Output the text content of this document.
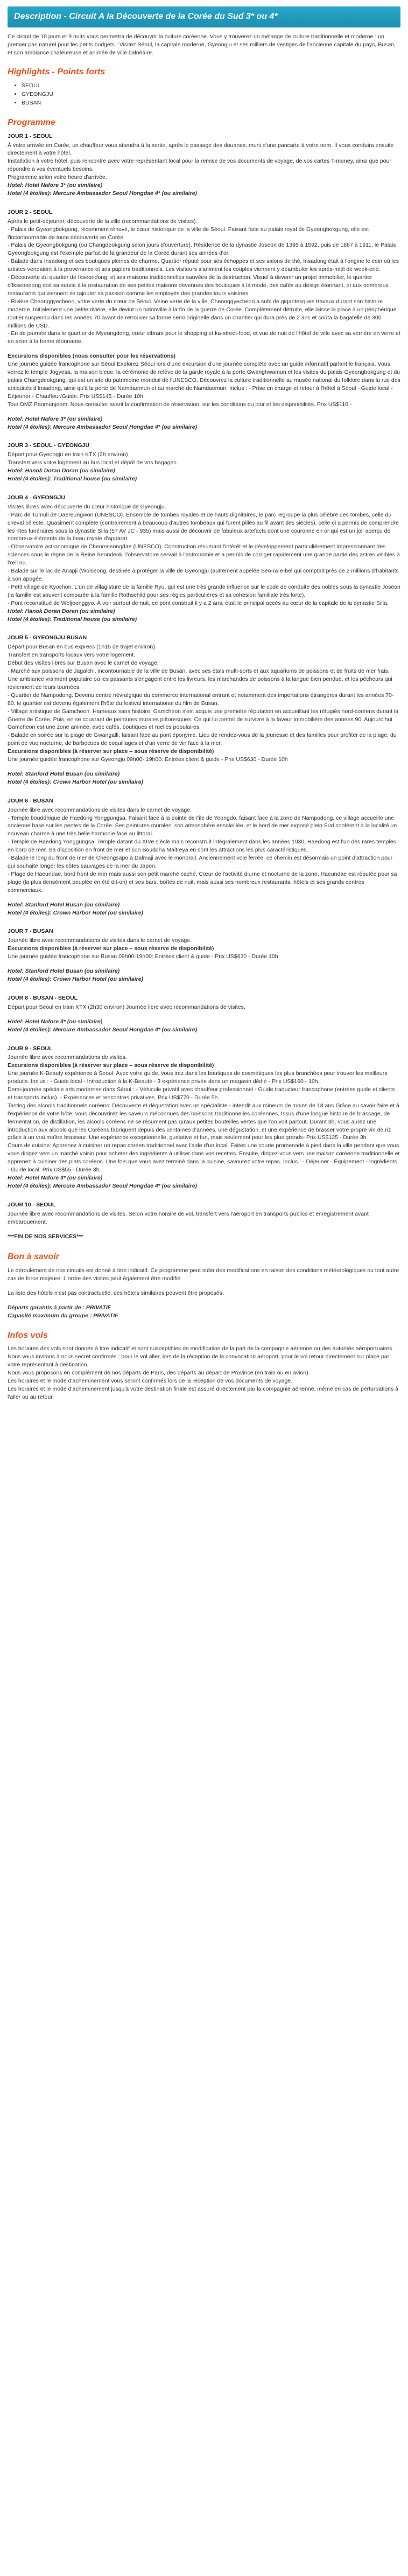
Description - Circuit A la Découverte de la Corée du Sud 3* ou 4*

Ce circuit de 10 jours et 9 nuits vous permettra de découvrir la culture coréenne. Vous y trouverez un mélange de culture traditionnelle et moderne : un premier pas naturel pour les petits budgets ! Visitez Séoul, la capitale moderne, Gyeongju et ses milliers de vestiges de l'ancienne capitale du pays, Busan, et son ambiance chaleureuse et animée de ville balnéaire.

Highlights - Points forts
• SEOUL
• GYEONGJU
• BUSAN
Programme
JOUR 1 - SEOUL

À votre arrivée en Corée, un chauffeur vous attendra à la sortie, après le passage des douanes, muni d'une pancarte à votre nom. Il vous conduira ensuite directement à votre hôtel.

Installation à votre hôtel, puis rencontre avec votre représentant local pour la remise de vos documents de voyage, de vos cartes T-money, ainsi que pour répondre à vos éventuels besoins.

Programme selon votre heure d'arrivée.

Hotel: Hotel Nafore 3* (ou similaire)

Hotel (4 étoiles): Mercure Ambassador Seoul Hongdae 4* (ou similaire)

JOUR 2 - SEOUL

Après le petit-déjeuner, découverte de la ville (recommandations de visites).

- Palais de Gyeongbokgung, récemment rénové, le cœur historique de la ville de Séoul. Faisant face au palais royal de Gyeongbokgung, elle est l'incontournable de toute découverte en Corée.

- Palais de Gyeongbokgung (ou Changdeokgung selon jours d'ouverture). Résidence de la dynastie Joseon de 1395 à 1592, puis de 1867 à 1911, le Palais Gyeongbokgung est l'exemple parfait de la grandeur de la Corée durant ses années d'or.

- Balade dans Insadong et ses boutiques pleines de charme. Quartier réputé pour ses échoppes et ses salons de thé, Insadong était à l'origine le coin où les artistes vendaient à la provenance et ses papiers traditionnels. Les visiteurs s'animent les couples viennent y déambuler les après-midi de week-end.

- Découverte du quartier de Ikseondong, et ses maisons traditionnelles sauvées de la destruction. Visuel à devenir un projet immobilier, le quartier d'Ikseondong doit sa survie à la restauration de ses petites maisons devenues des boutiques à la mode, des cafés au design étonnant, et aux nombreux restaurants qui viennent se rajouter sa passion comme les employés des grandes tours voisines.

- Rivière Cheonggyecheon, votre verte du cœur de Séoul. Veine verte de la ville, Cheonggyecheon a subi de gigantesques travaux durant son histoire moderne. Initialement une petite rivière, elle devint un bidonville à la fin de la guerre de Corée. Complètement détruite, elle laisse la place à un périphérique routier suspendu dans les années 70 avant de retrouver sa forme semi-originelle dans un chantier qui dura près de 2 ans et coûta la bagatelle de 300 millions de USD.

- En de journée dans le quartier de Myeongdong, cœur vibrant pour le shopping et ka-street-food, et vue de nuit de l'hôtel de ville avec sa verrière en verre et en acier à la forme étonnante.

Excursions disponibles (nous consulter pour les réservations)

Une journée guidée francophone sur Séoul Explorez Séoul lors d'une excursion d'une journée complète avec un guide informatif parlant le français. Vous verrez le temple Jogyesa, la maison bleue, la cérémonie de relève de la garde royale à la porte Gwanghwamun et les visites du palais Gyeongbokgung et du palais Changdeokgung, qui est un site du patrimoine mondial de l'UNESCO. Découvrez la culture traditionnelle au musée national du folklore dans la rue des antiquités d'Insadong, ainsi qu'à la porte de Namdaemun et au marché de Namdaemun. Inclus : - Prise en charge et retour à l'hôtel à Séoul - Guide local - Déjeuner - Chauffeur/Guide. Prix US$145 - Durée 10h.

Tour DMZ Panmunjeom: Nous consulter avant la confirmation de réservation, sur les conditions du jour et les disponibilités. Prix US$110 -

Hotel: Hotel Nafore 3* (ou similaire)

Hotel (4 étoiles): Mercure Ambassador Seoul Hongdae 4* (ou similaire)

JOUR 3 - SEOUL - GYEONGJU

Départ pour Gyeongju en train KTX (2h environ)

Transfert vers votre logement au bus local et dépôt de vos bagages.

Hotel: Hanok Doran Doran (ou similaire)

Hotel (4 étoiles): Traditional house (ou similaire)

JOUR 4 - GYEONGJU

Visites libres avec découverte du cœur historique de Gyeongju.

- Parc de Tumuli de Daereungwon (UNESCO). Ensemble de tombes royales et de hauts dignitaires, le parc regroupe la plus célèbre des tombes, celle du cheval céleste. Quasiment complète (contrairement à beaucoup d'autres tombeaux qui furent pillés au fil avant des siècles), celle-ci a permis de comprendre les rites funéraires sous la dynastie Silla (57 AV JC - 935) mais aussi de découvrir de fabuleux artefacts dont une couronne en or qui est un joli aperçu de nombreux éléments de la beau royale d'apparat.

- Observatoire astronomique de Cheomseongdae (UNESCO). Construction résumant l'intérêt et le développement particulièrement impressionnant des sciences sous le règne de la Reine Seondeok, l'observatoire servait à l'astronomie et a permis de corriger rapidement une grande partie des astres visibles à l'œil nu.

- Balade sur le lac de Anapji (Wolseong, destinée à protéger la ville de Gyeongju (autrement appelée Seo-ra-e-bel qui comptait près de 2 millions d'habitants à son apogée.

- Petit village de Kyochon. L'un de villagisture de la famille Ryu, qui est une très grande influence sur le code de conduite des nobles sous la dynastie Joseon (la famille est souvent comparée à la famille Rothschild pour ses règles particulières et sa cohésion familiale très forte).

- Pont reconstitué de Woljeonggyo. À voir surtout de nuit, ce pont construit il y a 2 ans, était le principal accès au cœur de la capitale de la dynastie Silla.

Hotel: Hanok Doran Doran (ou similaire)

Hotel (4 étoiles): Traditional house (ou similaire)

JOUR 5 - GYEONGJU BUSAN

Départ pour Busan en bus express (1h15 de trajet environ).

Transfert en transports locaux vers votre logement.

Début des visites libres sur Busan avec le carnet de voyage.

- Marché aux poissons de Jagalchi, incontournable de la ville de Busan, avec ses étals multi-sorts et aux aquariums de poissons et de fruits de mer frais. Une ambiance vraiment populaire où les passants s'engagent entre les livreurs, les marchandes de poissons à la langue bien pendue, et les pêcheurs qui reviennent de leurs tournées.

- Quartier de Nampodong. Devenu centre névralgique du commerce international entrant et notamment des importations étrangères durant les années 70-80, le quartier est devenu également l'hôte du festival international du film de Busan.

- Village artistique de Gamcheon. Hameaux sans histoire, Gamcheon s'est acquis une première réputation en accueillant les réfugiés nord-coréens durant la Guerre de Corée. Puis, en se couvrant de peintures murales pittoresques. Ce qui lui permit de survivre à la faveur immobilière des années 90. Aujourd'hui Gamcheon est une zone animée, avec cafés, boutiques et ruelles populaires.

- Balade en soirée sur la plage de Gwangalli, faisant face au pont éponyme. Lieu de rendez-vous de la jeunesse et des familles pour profiter de la plage, du point de vue nocturne, de barbecues de coquillages et d'un verre de vin face à la mer.

Excursions disponibles (à réserver sur place – sous réserve de disponibilité)

Une journée guidée francophone sur Gyeongju 09h00- 19h00: Entrées client & guide - Prix US$630 - Durée 10h

Hotel: Stanford Hotel Busan (ou similaire)

Hotel (4 étoiles): Crown Harbor Hotel (ou similaire)

JOUR 6 - BUSAN

Journée libre avec recommandations de visites dans le carnet de voyage.

- Temple bouddhique de Haedong Yonggungsa. Faisant face à la pointe de l'île de Yeongdo, faisant face à la zone de Nampodong, ce village accueille une ancienne base sur les pentes de la Corée. Ses peintures murales, son atmosphère ensoleillée, et le bord de mer exposé plein Sud confèrent à la localité un nouveau charme à une très belle harmonie face au littoral.

- Temple de Haedong Yonggungsa. Temple datant du XIVe siècle mais reconstruit intégralement dans les années 1930, Haedong est l'un des rares temples en bord de mer. Sa disposition en front de mer et son Bouddha Maitreya en sont les attractions les plus caractéristiques.

- Balade le long du front de mer de Cheongsapo à Dalmaji avec le monorail. Anciennement voie ferrée, ce chemin est désormais un point d'attraction pour qui souhaite longer les côtes sauvages de la mer du Japon.

- Plage de Haeundae, bord front de mer mais aussi son petit marché caché. Cœur de l'activité diurne et nocturne de la zone, Haeundae est réputée pour sa plage (la plus densément peuplée en été dit-on) et ses bars, boîtes de nuit, mais aussi ses nombreux restaurants, hôtels et ses grands centres commerciaux.

Hotel: Stanford Hotel Busan (ou similaire)

Hotel (4 étoiles): Crown Harbor Hotel (ou similaire)

JOUR 7 - BUSAN

Journée libre avec recommandations de visites dans le carnet de voyage.

Excursions disponibles (à réserver sur place – sous réserve de disponibilité)

Une journée guidée francophone sur Busan 09h00-19h00: Entrées client & guide - Prix US$630 - Durée 10h

Hotel: Stanford Hotel Busan (ou similaire)

Hotel (4 étoiles): Crown Harbor Hotel (ou similaire)

JOUR 8 - BUSAN - SEOUL

Départ pour Seoul en train KTX (2h30 environ) Journée libre avec recommandations de visites.

Hotel: Hotel Nafore 3* (ou similaire)

Hotel (4 étoiles): Mercure Ambassador Seoul Hongdae 4* (ou similaire)

JOUR 9 - SEOUL

Journée libre avec recommandations de visites.

Excursions disponibles (à réserver sur place – sous réserve de disponibilité)

Une journée K-Beauty expérience à Seoul: Avec votre guide, vous irez dans les boutiques de cosmétiques les plus branchées pour trouver les meilleurs produits. Inclus : - Guide local - Introduction à la K-Beauté - 3 expérience privée dans un magasin dédié - Prix US$160 - 10h.

Demi-journée spéciale arts modernes dans Séoul : - Véhicule privatif avec chauffeur professionnel - Guide traducteur francophone (entrées guide et clients et transports inclus). - Expériences et rencontres privatives. Prix US$770 - Durée 5h.

Tasting des alcools traditionnels coréens: Découverte et dégustation avec un spécialiste - intendit aux mineurs de moins de 18 ans Grâce au savoir-faire et à l'expérience de votre hôte, vous découvrirez les saveurs méconnues des boissons traditionnelles coréennes. Issus d'une longue histoire de brassage, de fermentation, de distillation, les alcools coréens ne se résument pas qu'aux petites bouteilles vertes que l'on voit partout. Durant 3h, vous aurez une introduction aux alcools que les Coréens fabriquent depuis des centaines d'années, une dégustation, et une expérience de brasser votre propre vin de riz grâce à un vrai maître brasseur. Une expérience exceptionnelle, gustative et fun, mais seulement pour les plus grands- Prix US$125 - Durée 3h

Cours de cuisine: Apprenez à cuisiner un repas coréen traditionnel avec l'aide d'un local. Faites une courte promenade à pied dans la ville pendant que vous vous dirigez vers un marché voisin pour acheter des ingrédients à utiliser dans vos recettes. Ensuite, dirigez-vous vers une maison coréenne traditionnelle et apprenez à cuisiner des plats coréens. Une fois que vous avez terminé dans la cuisine, savourez votre repas. Inclus : - Déjeuner - Équipement - Ingrédients - Guide local. Prix US$55 - Durée 3h.

Hotel: Hotel Nafore 3* (ou similaire)

Hotel (4 étoiles): Mercure Ambassador Seoul Hongdae 4* (ou similaire)

JOUR 10 - SEOUL

Journée libre avec recommandations de visites. Selon votre horaire de vol, transfert vers l'aéroport en transports publics et enregistrement avant embarquement.

***FIN DE NOS SERVICES***

Bon à savoir

Le déroulement de nos circuits est donné à titre indicatif. Ce programme peut subir des modifications en raison des conditions météorologiques ou tout autre cas de force majeure. L'ordre des visites peut également être modifié.

La liste des hôtels n'est pas contractuelle, des hôtels similaires peuvent être proposés.

Départs garantis à partir de : PRIVATIF

Capacité maximum du groupe : PRIVATIF

Infos vols

Les horaires des vols sont donnés à titre indicatif et sont susceptibles de modification de la part de la compagnie aérienne ou des autorités aéroportuaires.

Nous vous invitons à nous secret confirmés : pour le vol aller, lors de la réception de la convocation aéroport, pour le vol retour directement sur place par votre représentant à destination.

Nous vous proposons en complément de nos départs de Paris, des départs au départ de Province (en train ou en avion).

Les horaires et le mode d'acheminement vous seront confirmés lors de la réception de vos documents de voyage.

Les horaires et le mode d'acheminement jusqu'à votre destination finale est assuré directement par la compagnie aérienne, même en cas de perturbations à l'aller ou au retour.
